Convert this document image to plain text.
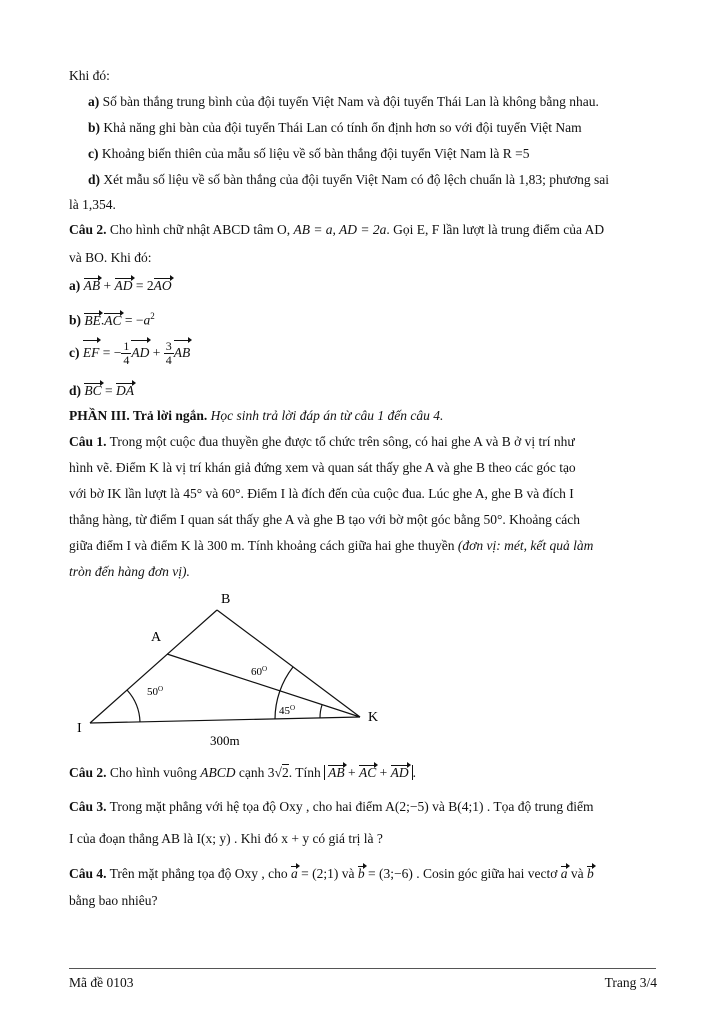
Khi đó:
a) Số bàn thắng trung bình của đội tuyển Việt Nam và đội tuyển Thái Lan là không bằng nhau.
b) Khả năng ghi bàn của đội tuyển Thái Lan có tính ổn định hơn so với đội tuyển Việt Nam
c) Khoảng biến thiên của mẫu số liệu về số bàn thắng đội tuyển Việt Nam là R =5
d) Xét mẫu số liệu về số bàn thắng của đội tuyển Việt Nam có độ lệch chuẩn là 1,83; phương sai
là 1,354.
Câu 2. Cho hình chữ nhật ABCD tâm O, AB = a, AD = 2a. Gọi E, F lần lượt là trung điểm của AD
và BO. Khi đó:
a) AB + AD = 2AO
b) $BE.AC = -a^2$
c) EF = − $\frac{1}{4}$ AD + $\frac{3}{4}$ AB
d) BC = DA
PHẦN III. Trả lời ngắn. Học sinh trả lời đáp án từ câu 1 đến câu 4.
Câu 1. Trong một cuộc đua thuyền ghe được tổ chức trên sông, có hai ghe A và B ở vị trí như
hình vẽ. Điểm K là vị trí khán giả đứng xem và quan sát thấy ghe A và ghe B theo các góc tạo
với bờ IK lần lượt là 45° và 60°. Điểm I là đích đến của cuộc đua. Lúc ghe A, ghe B và đích I
thẳng hàng, từ điểm I quan sát thấy ghe A và ghe B tạo với bờ một góc bằng 50°. Khoảng cách
giữa điểm I và điểm K là 300 m. Tính khoảng cách giữa hai ghe thuyền (đơn vị: mét, kết quả làm
tròn đến hàng đơn vị).
B
A
I
K
$50^O$
$60^O$
$45^O$
300m
Câu 2. Cho hình vuông ABCD cạnh 3√2. Tính AB + AC + AD .
Câu 3. Trong mặt phẳng với hệ tọa độ Oxy , cho hai điểm A(2;−5) và B(4;1) . Tọa độ trung điểm
I của đoạn thẳng AB là I(x; y) . Khi đó x + y có giá trị là ?
Câu 4. Trên mặt phẳng tọa độ Oxy , cho a = (2;1) và b = (3;−6) . Cosin góc giữa hai vectơ a và b
bằng bao nhiêu?
Mã đề 0103	Trang 3/4
